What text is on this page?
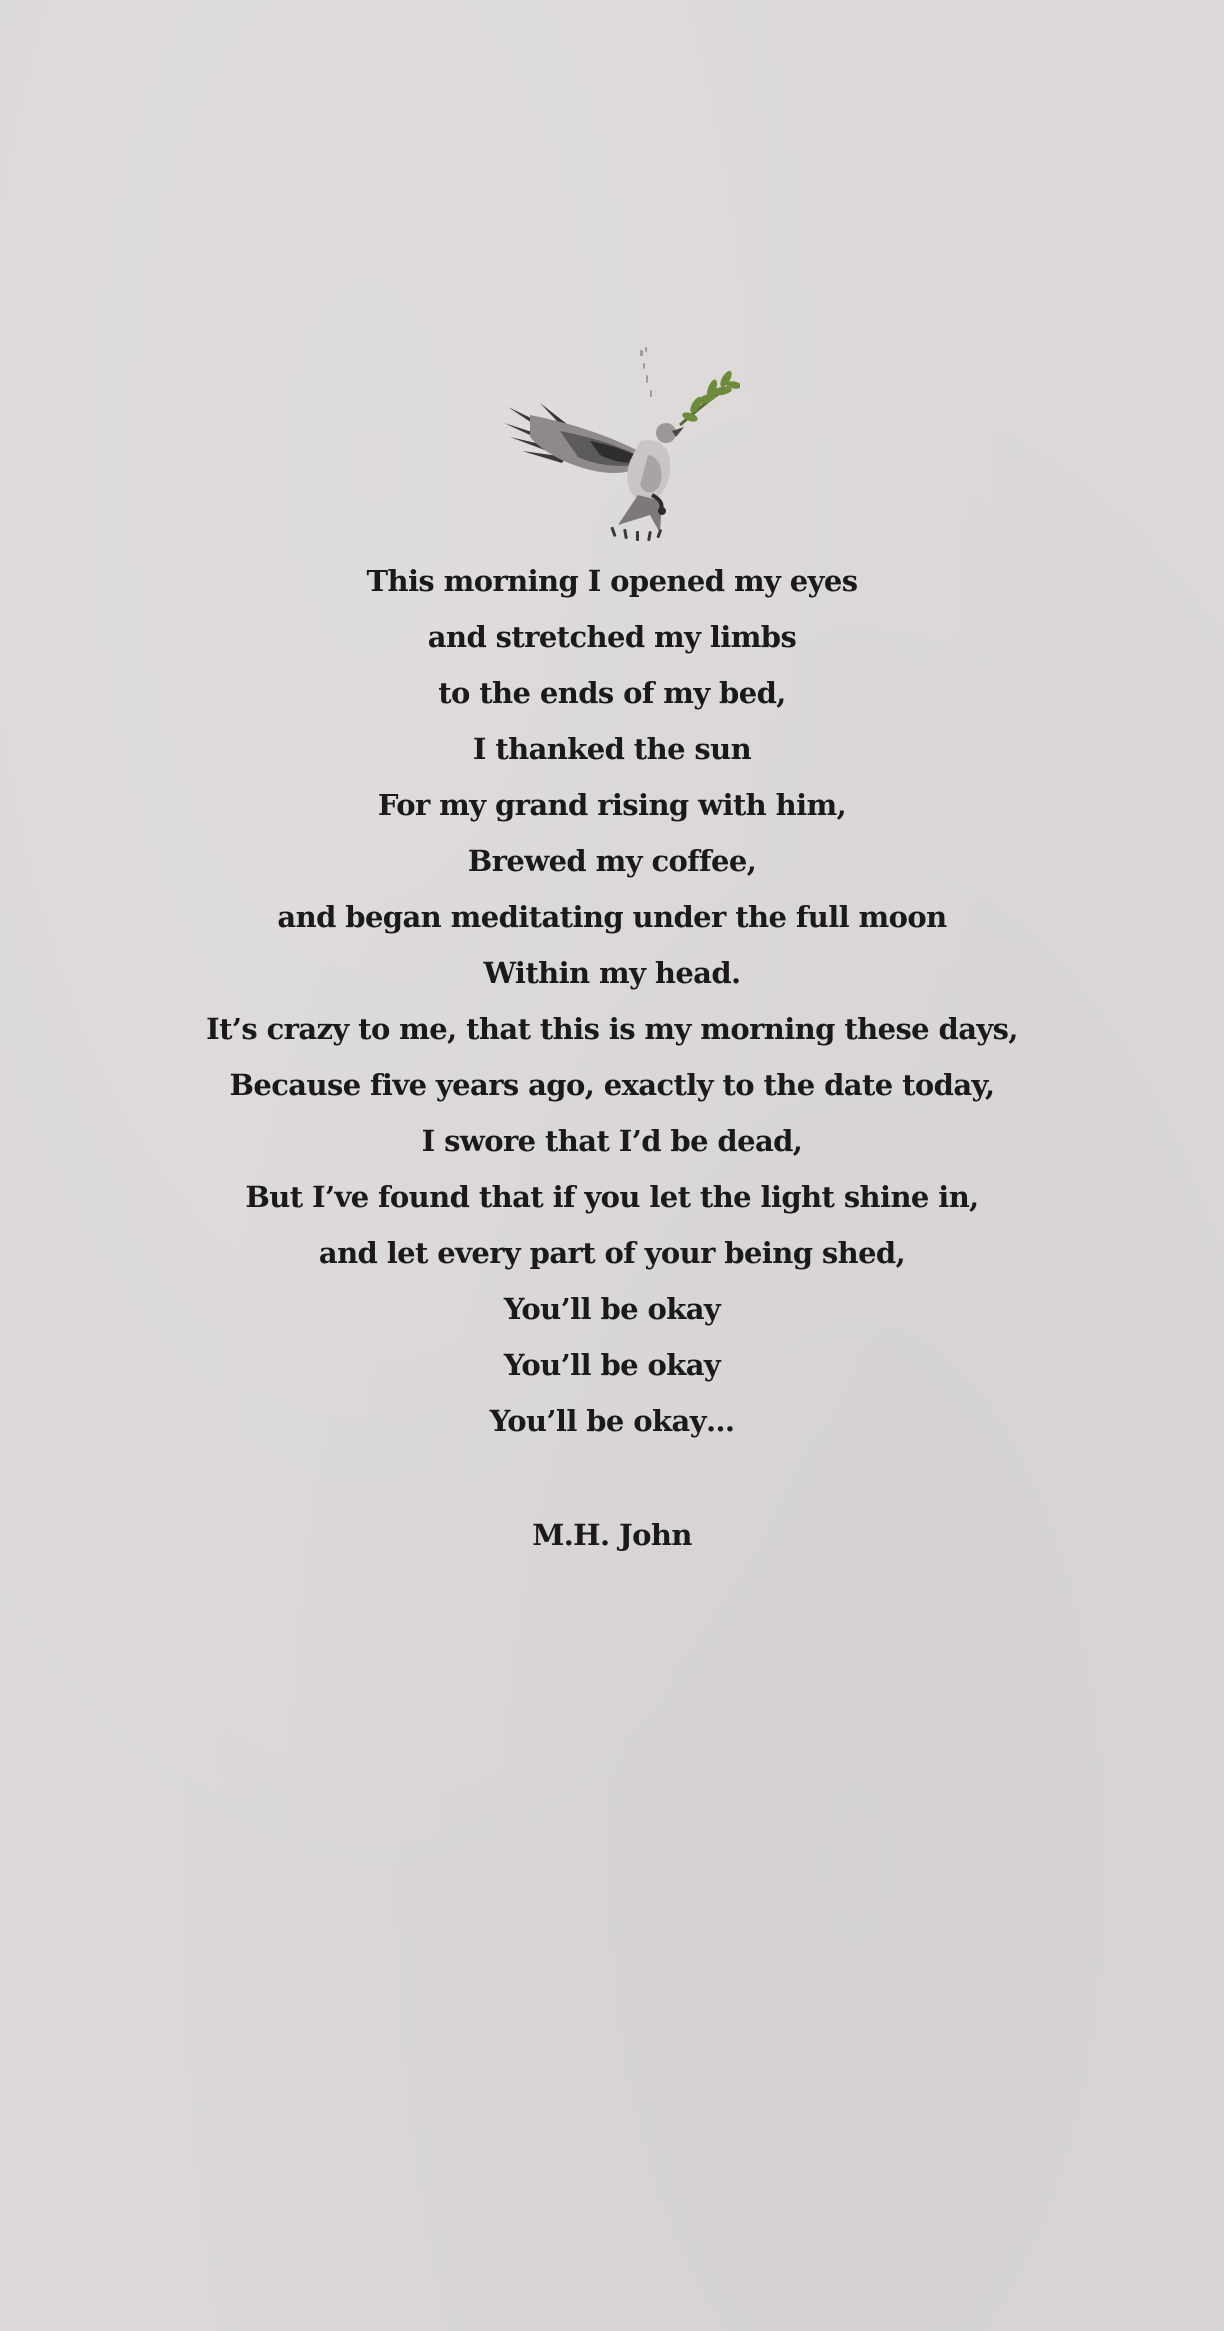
This morning I opened my eyes
and stretched my limbs
to the ends of my bed,
I thanked the sun
For my grand rising with him,
Brewed my coffee,
and began meditating under the full moon
Within my head.
It’s crazy to me, that this is my morning these days,
Because five years ago, exactly to the date today,
I swore that I’d be dead,
But I’ve found that if you let the light shine in,
and let every part of your being shed,
You’ll be okay
You’ll be okay
You’ll be okay…
M.H. John
